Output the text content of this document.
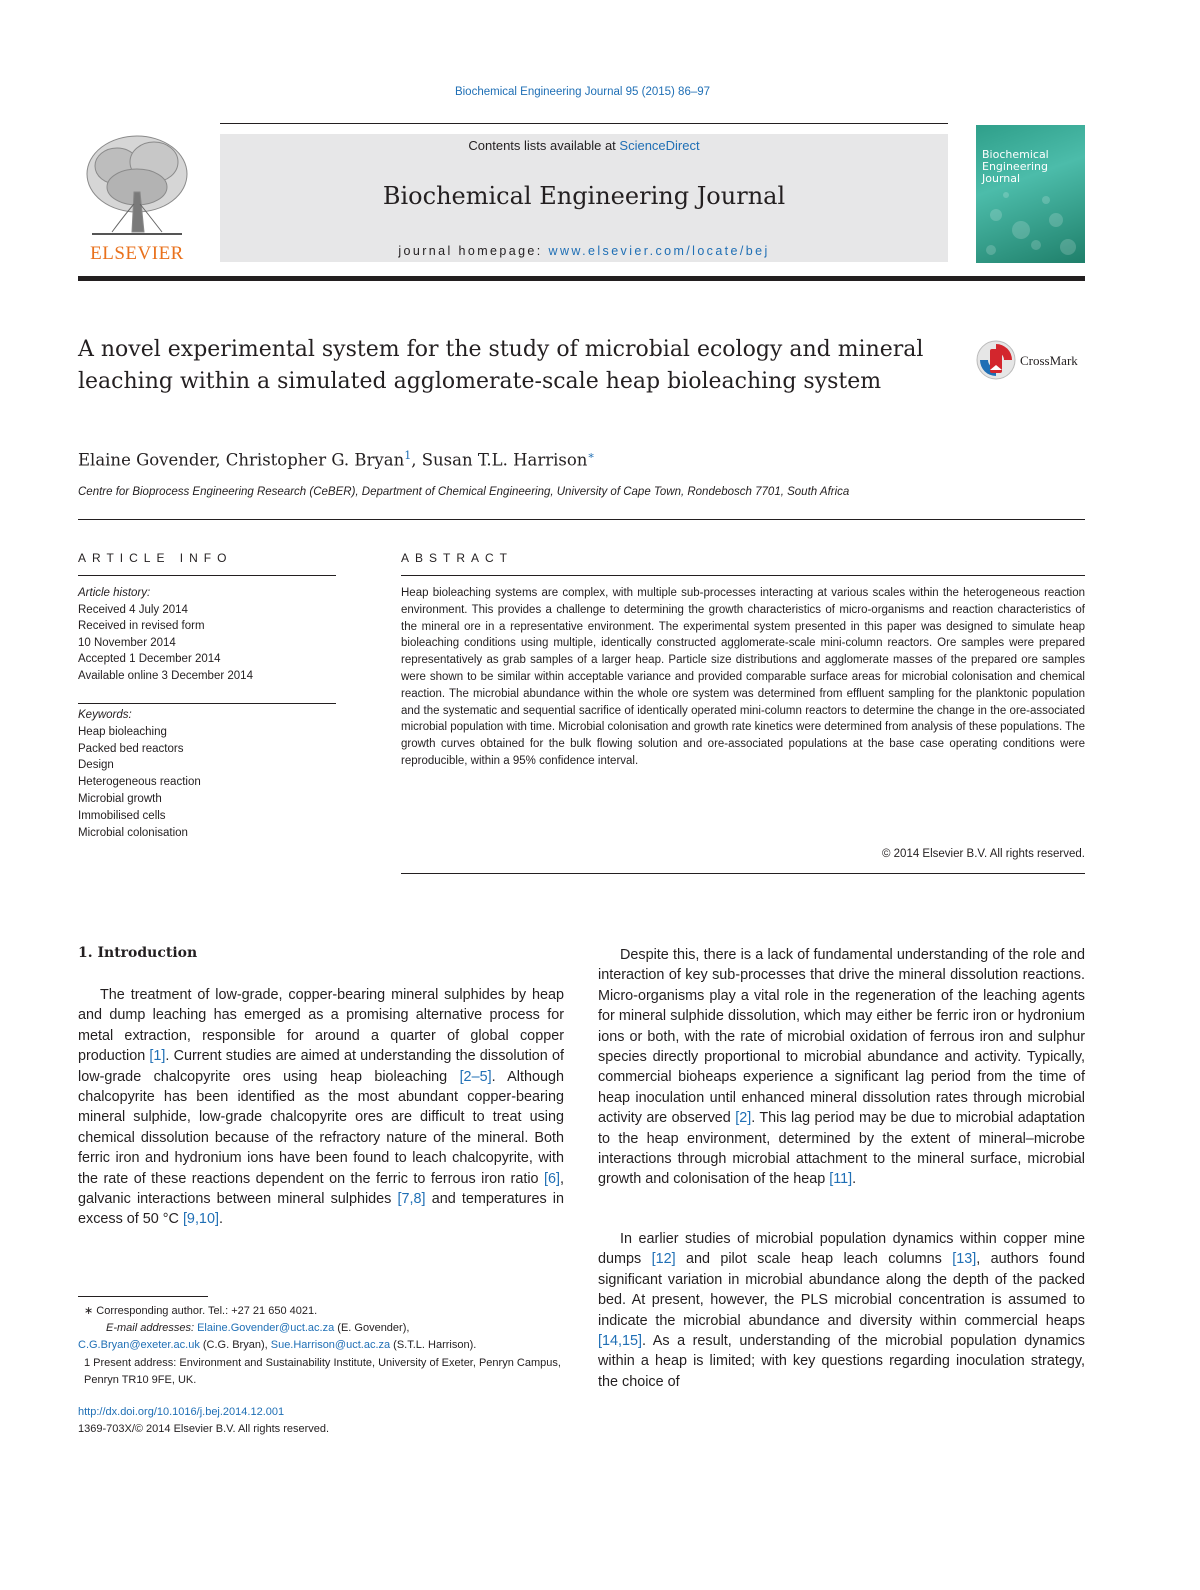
Biochemical Engineering Journal 95 (2015) 86–97
ELSEVIER
Contents lists available at ScienceDirect
Biochemical Engineering Journal
journal homepage: www.elsevier.com/locate/bej
Biochemical Engineering Journal
A novel experimental system for the study of microbial ecology and mineral leaching within a simulated agglomerate-scale heap bioleaching system
CrossMark
Elaine Govender, Christopher G. Bryan$^1$, Susan T.L. Harrison∗
Centre for Bioprocess Engineering Research (CeBER), Department of Chemical Engineering, University of Cape Town, Rondebosch 7701, South Africa
ARTICLE INFO	ABSTRACT
Article history:
Received 4 July 2014
Received in revised form
10 November 2014
Accepted 1 December 2014
Available online 3 December 2014
Keywords:
Heap bioleaching
Packed bed reactors
Design
Heterogeneous reaction
Microbial growth
Immobilised cells
Microbial colonisation
Heap bioleaching systems are complex, with multiple sub-processes interacting at various scales within the heterogeneous reaction environment. This provides a challenge to determining the growth characteristics of micro-organisms and reaction characteristics of the mineral ore in a representative environment. The experimental system presented in this paper was designed to simulate heap bioleaching conditions using multiple, identically constructed agglomerate-scale mini-column reactors. Ore samples were prepared representatively as grab samples of a larger heap. Particle size distributions and agglomerate masses of the prepared ore samples were shown to be similar within acceptable variance and provided comparable surface areas for microbial colonisation and chemical reaction. The microbial abundance within the whole ore system was determined from effluent sampling for the planktonic population and the systematic and sequential sacrifice of identically operated mini-column reactors to determine the change in the ore-associated microbial population with time. Microbial colonisation and growth rate kinetics were determined from analysis of these populations. The growth curves obtained for the bulk flowing solution and ore-associated populations at the base case operating conditions were reproducible, within a 95% confidence interval.
© 2014 Elsevier B.V. All rights reserved.
1. Introduction
The treatment of low-grade, copper-bearing mineral sulphides by heap and dump leaching has emerged as a promising alternative process for metal extraction, responsible for around a quarter of global copper production [1]. Current studies are aimed at understanding the dissolution of low-grade chalcopyrite ores using heap bioleaching [2–5]. Although chalcopyrite has been identified as the most abundant copper-bearing mineral sulphide, low-grade chalcopyrite ores are difficult to treat using chemical dissolution because of the refractory nature of the mineral. Both ferric iron and hydronium ions have been found to leach chalcopyrite, with the rate of these reactions dependent on the ferric to ferrous iron ratio [6], galvanic interactions between mineral sulphides [7,8] and temperatures in excess of 50 °C [9,10].
Despite this, there is a lack of fundamental understanding of the role and interaction of key sub-processes that drive the mineral dissolution reactions. Micro-organisms play a vital role in the regeneration of the leaching agents for mineral sulphide dissolution, which may either be ferric iron or hydronium ions or both, with the rate of microbial oxidation of ferrous iron and sulphur species directly proportional to microbial abundance and activity. Typically, commercial bioheaps experience a significant lag period from the time of heap inoculation until enhanced mineral dissolution rates through microbial activity are observed [2]. This lag period may be due to microbial adaptation to the heap environment, determined by the extent of mineral–microbe interactions through microbial attachment to the mineral surface, microbial growth and colonisation of the heap [11].
In earlier studies of microbial population dynamics within copper mine dumps [12] and pilot scale heap leach columns [13], authors found significant variation in microbial abundance along the depth of the packed bed. At present, however, the PLS microbial concentration is assumed to indicate the microbial abundance and diversity within commercial heaps [14,15]. As a result, understanding of the microbial population dynamics within a heap is limited; with key questions regarding inoculation strategy, the choice of
∗ Corresponding author. Tel.: +27 21 650 4021.
E-mail addresses: Elaine.Govender@uct.ac.za (E. Govender),
C.G.Bryan@exeter.ac.uk (C.G. Bryan), Sue.Harrison@uct.ac.za (S.T.L. Harrison).
1 Present address: Environment and Sustainability Institute, University of Exeter, Penryn Campus, Penryn TR10 9FE, UK.
http://dx.doi.org/10.1016/j.bej.2014.12.001
1369-703X/© 2014 Elsevier B.V. All rights reserved.
